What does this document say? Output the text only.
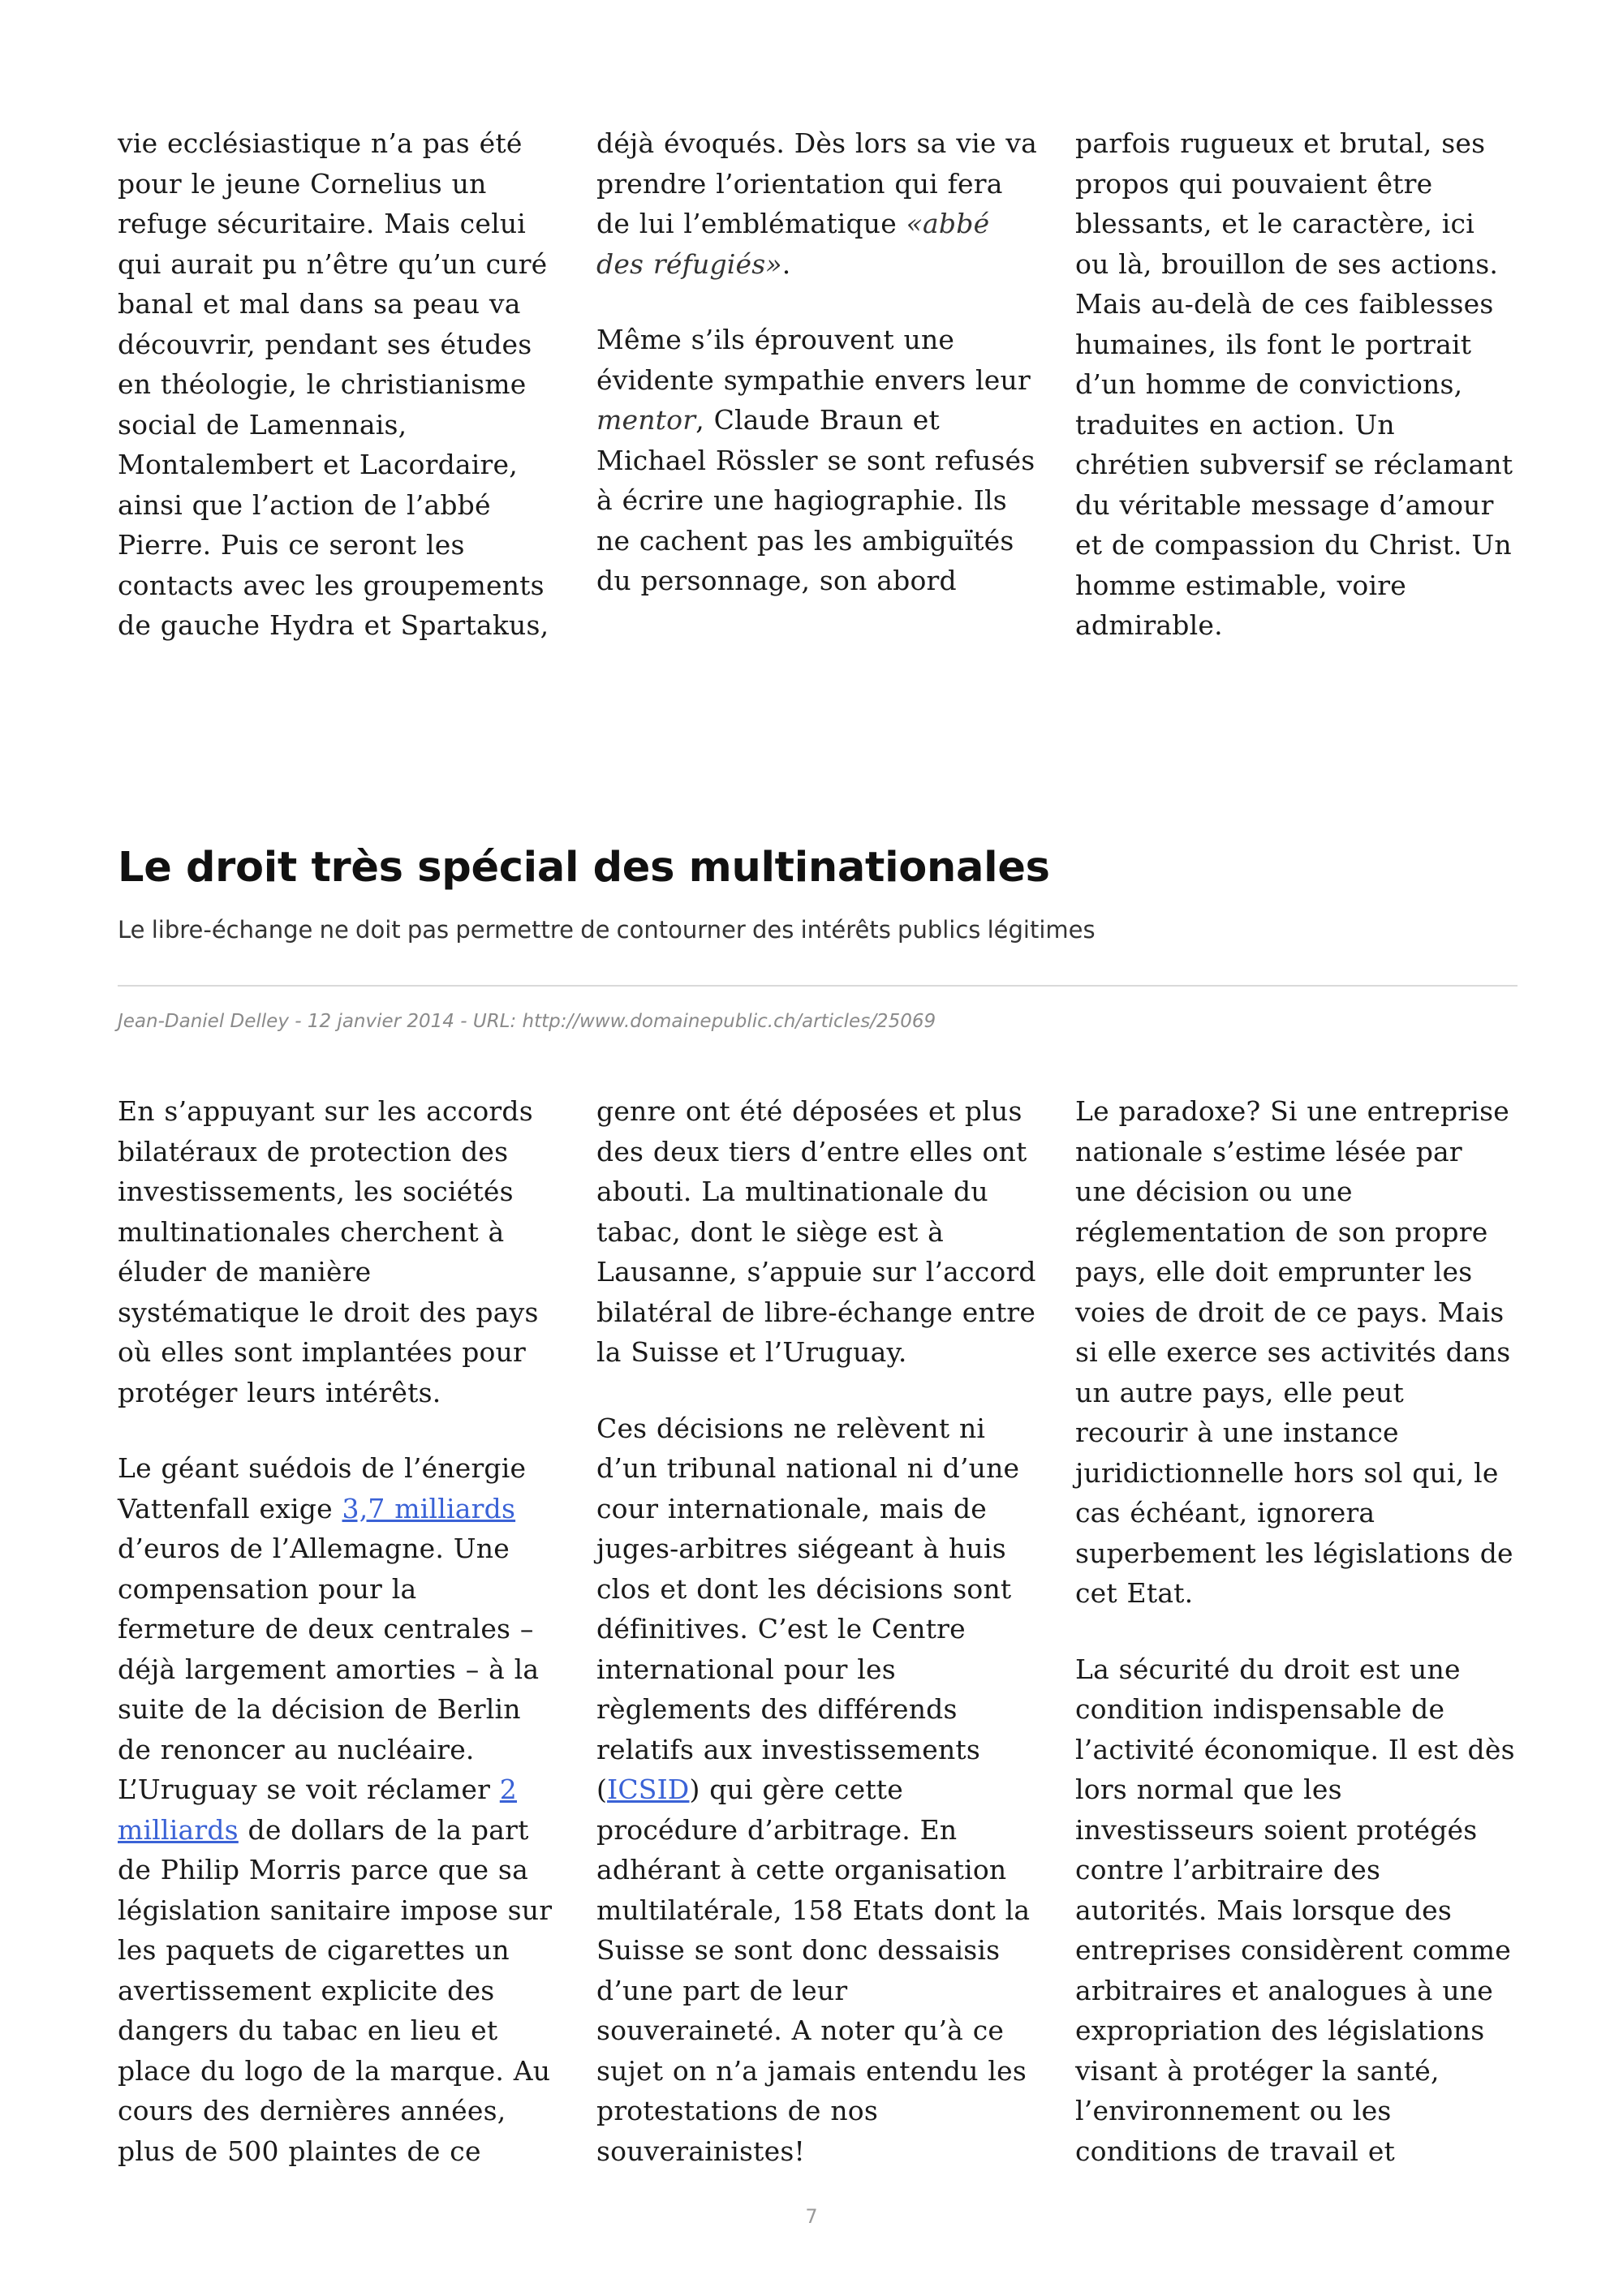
vie ecclésiastique n’a pas été pour le jeune Cornelius un refuge sécuritaire. Mais celui qui aurait pu n’être qu’un curé banal et mal dans sa peau va découvrir, pendant ses études en théologie, le christianisme social de Lamennais, Montalembert et Lacordaire, ainsi que l’action de l’abbé Pierre. Puis ce seront les contacts avec les groupements de gauche Hydra et Spartakus,

déjà évoqués. Dès lors sa vie va prendre l’orientation qui fera de lui l’emblématique «abbé des réfugiés».

Même s’ils éprouvent une évidente sympathie envers leur mentor, Claude Braun et Michael Rössler se sont refusés à écrire une hagiographie. Ils ne cachent pas les ambiguïtés du personnage, son abord

parfois rugueux et brutal, ses propos qui pouvaient être blessants, et le caractère, ici ou là, brouillon de ses actions. Mais au-delà de ces faiblesses humaines, ils font le portrait d’un homme de convictions, traduites en action. Un chrétien subversif se réclamant du véritable message d’amour et de compassion du Christ. Un homme estimable, voire admirable.

Le droit très spécial des multinationales

Le libre-échange ne doit pas permettre de contourner des intérêts publics légitimes

Jean-Daniel Delley - 12 janvier 2014 - URL: http://www.domainepublic.ch/articles/25069

En s’appuyant sur les accords bilatéraux de protection des investissements, les sociétés multinationales cherchent à éluder de manière systématique le droit des pays où elles sont implantées pour protéger leurs intérêts.

Le géant suédois de l’énergie Vattenfall exige 3,7 milliards d’euros de l’Allemagne. Une compensation pour la fermeture de deux centrales – déjà largement amorties – à la suite de la décision de Berlin de renoncer au nucléaire. L’Uruguay se voit réclamer 2 milliards de dollars de la part de Philip Morris parce que sa législation sanitaire impose sur les paquets de cigarettes un avertissement explicite des dangers du tabac en lieu et place du logo de la marque. Au cours des dernières années, plus de 500 plaintes de ce

genre ont été déposées et plus des deux tiers d’entre elles ont abouti. La multinationale du tabac, dont le siège est à Lausanne, s’appuie sur l’accord bilatéral de libre-échange entre la Suisse et l’Uruguay.

Ces décisions ne relèvent ni d’un tribunal national ni d’une cour internationale, mais de juges-arbitres siégeant à huis clos et dont les décisions sont définitives. C’est le Centre international pour les règlements des différends relatifs aux investissements (ICSID) qui gère cette procédure d’arbitrage. En adhérant à cette organisation multilatérale, 158 Etats dont la Suisse se sont donc dessaisis d’une part de leur souveraineté. A noter qu’à ce sujet on n’a jamais entendu les protestations de nos souverainistes!

Le paradoxe? Si une entreprise nationale s’estime lésée par une décision ou une réglementation de son propre pays, elle doit emprunter les voies de droit de ce pays. Mais si elle exerce ses activités dans un autre pays, elle peut recourir à une instance juridictionnelle hors sol qui, le cas échéant, ignorera superbement les législations de cet Etat.

La sécurité du droit est une condition indispensable de l’activité économique. Il est dès lors normal que les investisseurs soient protégés contre l’arbitraire des autorités. Mais lorsque des entreprises considèrent comme arbitraires et analogues à une expropriation des législations visant à protéger la santé, l’environnement ou les conditions de travail et

7
